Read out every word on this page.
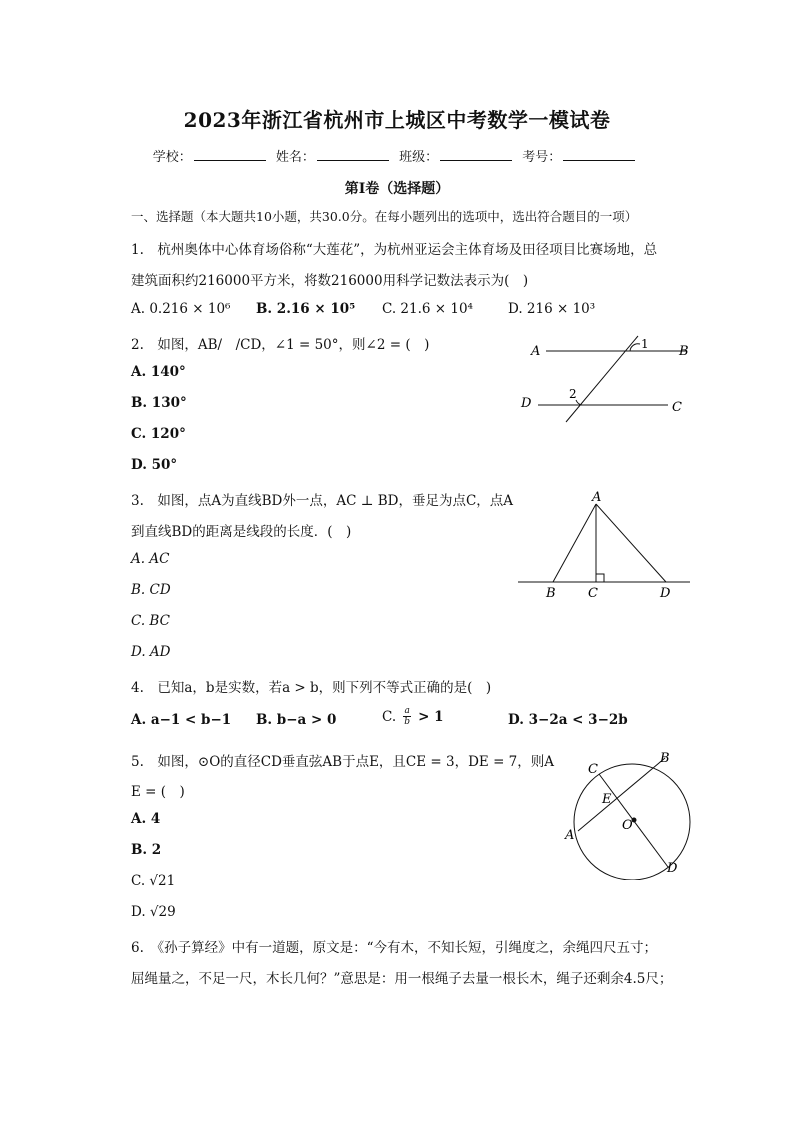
2023年浙江省杭州市上城区中考数学一模试卷
学校：	姓名：	班级：	考号：
第Ⅰ卷（选择题）
一、选择题（本大题共10小题，共30.0分。在每小题列出的选项中，选出符合题目的一项）
1.　杭州奥体中心体育场俗称“大莲花”，为杭州亚运会主体育场及田径项目比赛场地，总
建筑面积约216000平方米，将数216000用科学记数法表示为(　)
A. 0.216 × 10⁶ B. 2.16 × 10⁵ C. 21.6 × 10⁴	D. 216 × 10³
2.　如图，AB/　/CD，∠1 = 50°，则∠2 = (　)
A. 140°
B. 130°
C. 120°
D. 50°
A	B
D	C
1
2
3.　如图，点A为直线BD外一点，AC ⊥ BD，垂足为点C，点A
到直线BD的距离是线段的长度．(　)
A. AC
B. CD
C. BC
D. AD
A
B C	D
4.　已知a，b是实数，若a > b，则下列不等式正确的是(　)
A. a−1 < b−1 B. b−a > 0	C. $\frac{a}{b} > 1$	D. 3−2a < 3−2b
5.　如图，⊙O的直径CD垂直弦AB于点E，且CE = 3，DE = 7，则A
E = (　)
A. 4
B. 2
C. √21
D. √29
C
B
E
O
A
D
6.　《孙子算经》中有一道题，原文是：“今有木，不知长短，引绳度之，余绳四尺五寸；
屈绳量之，不足一尺，木长几何？”意思是：用一根绳子去量一根长木，绳子还剩余4.5尺；
